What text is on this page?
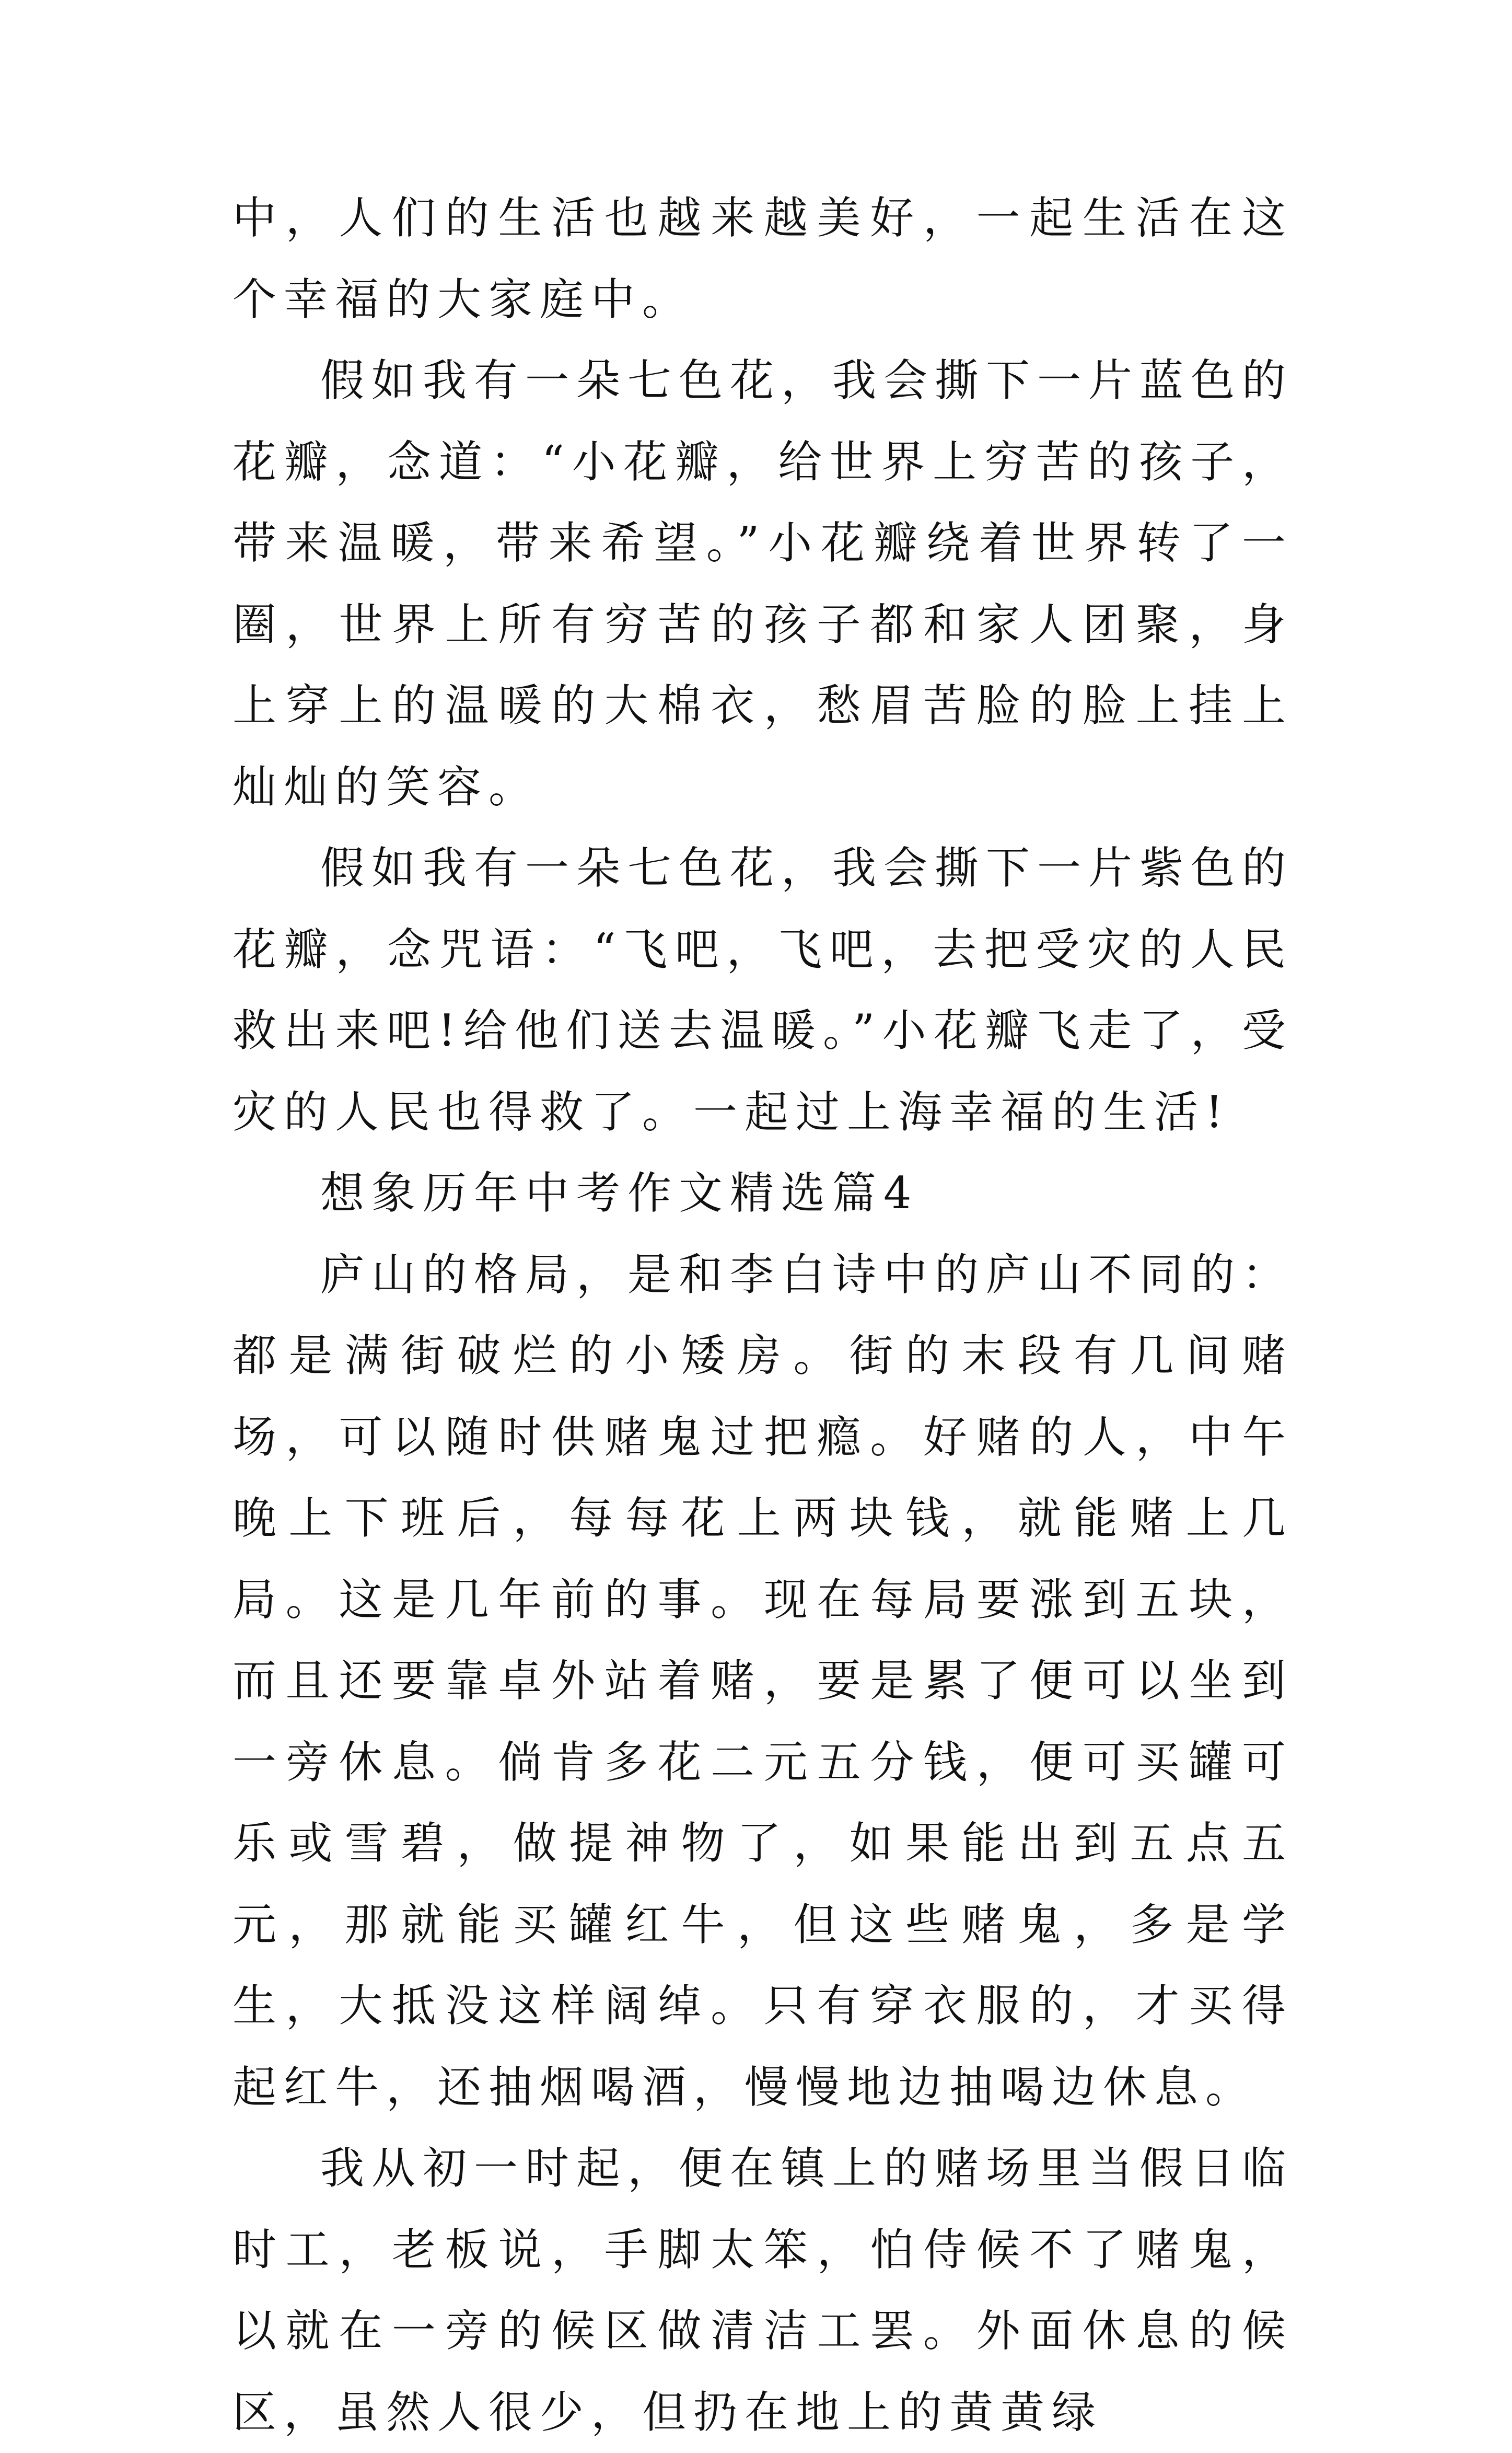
中，人们的生活也越来越美好，一起生活在这个幸福的大家庭中。

假如我有一朵七色花，我会撕下一片蓝色的花瓣，念道：“小花瓣，给世界上穷苦的孩子，带来温暖，带来希望。”小花瓣绕着世界转了一圈，世界上所有穷苦的孩子都和家人团聚，身上穿上的温暖的大棉衣，愁眉苦脸的脸上挂上灿灿的笑容。

假如我有一朵七色花，我会撕下一片紫色的花瓣，念咒语：“飞吧，飞吧，去把受灾的人民救出来吧!给他们送去温暖。”小花瓣飞走了，受灾的人民也得救了。一起过上海幸福的生活!

想象历年中考作文精选篇4

庐山的格局，是和李白诗中的庐山不同的：都是满街破烂的小矮房。街的末段有几间赌场，可以随时供赌鬼过把瘾。好赌的人，中午晚上下班后，每每花上两块钱，就能赌上几局。这是几年前的事。现在每局要涨到五块，而且还要靠卓外站着赌，要是累了便可以坐到一旁休息。倘肯多花二元五分钱，便可买罐可乐或雪碧，做提神物了，如果能出到五点五元，那就能买罐红牛，但这些赌鬼，多是学生，大抵没这样阔绰。只有穿衣服的，才买得起红牛，还抽烟喝酒，慢慢地边抽喝边休息。

我从初一时起，便在镇上的赌场里当假日临时工，老板说，手脚太笨，怕侍候不了赌鬼，以就在一旁的候区做清洁工罢。外面休息的候区，虽然人很少，但扔在地上的黄黄绿
